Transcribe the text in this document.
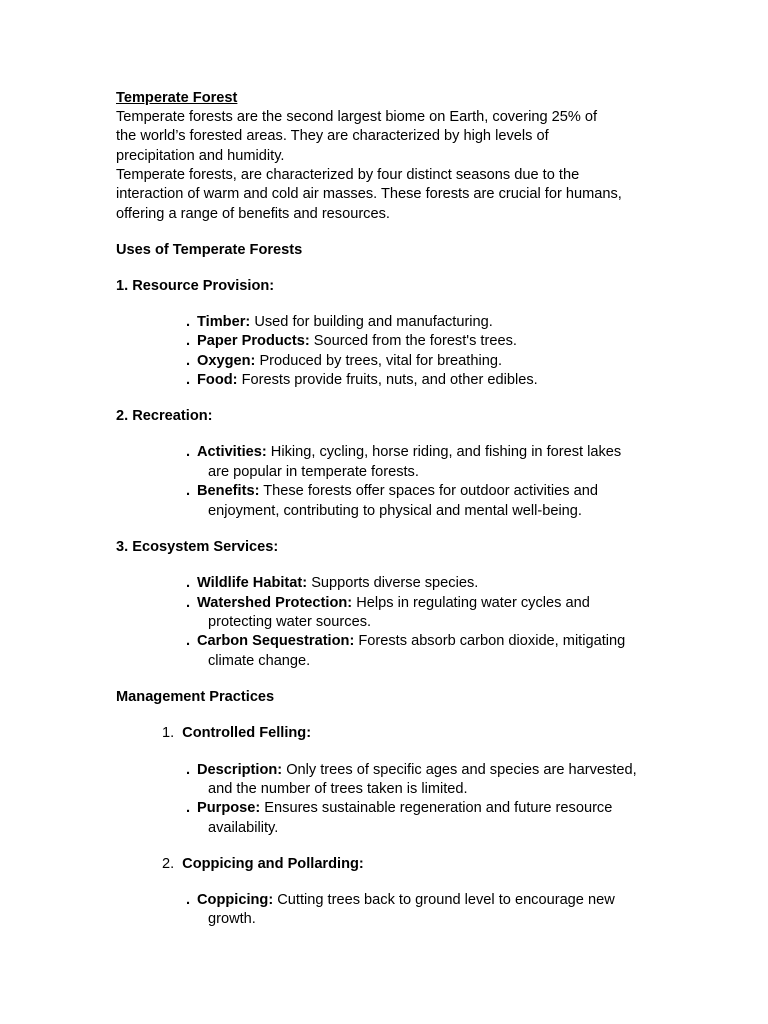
Temperate Forest
Temperate forests are the second largest biome on Earth, covering 25% of
the world’s forested areas. They are characterized by high levels of
precipitation and humidity.
Temperate forests, are characterized by four distinct seasons due to the
interaction of warm and cold air masses. These forests are crucial for humans,
offering a range of benefits and resources.
Uses of Temperate Forests
1. Resource Provision:
. Timber: Used for building and manufacturing.
. Paper Products: Sourced from the forest's trees.
. Oxygen: Produced by trees, vital for breathing.
. Food: Forests provide fruits, nuts, and other edibles.
2. Recreation:
. Activities: Hiking, cycling, horse riding, and fishing in forest lakes
are popular in temperate forests.
. Benefits: These forests offer spaces for outdoor activities and
enjoyment, contributing to physical and mental well-being.
3. Ecosystem Services:
. Wildlife Habitat: Supports diverse species.
. Watershed Protection: Helps in regulating water cycles and
protecting water sources.
. Carbon Sequestration: Forests absorb carbon dioxide, mitigating
climate change.
Management Practices
1. Controlled Felling:
. Description: Only trees of specific ages and species are harvested,
and the number of trees taken is limited.
. Purpose: Ensures sustainable regeneration and future resource
availability.
2. Coppicing and Pollarding:
. Coppicing: Cutting trees back to ground level to encourage new
growth.
